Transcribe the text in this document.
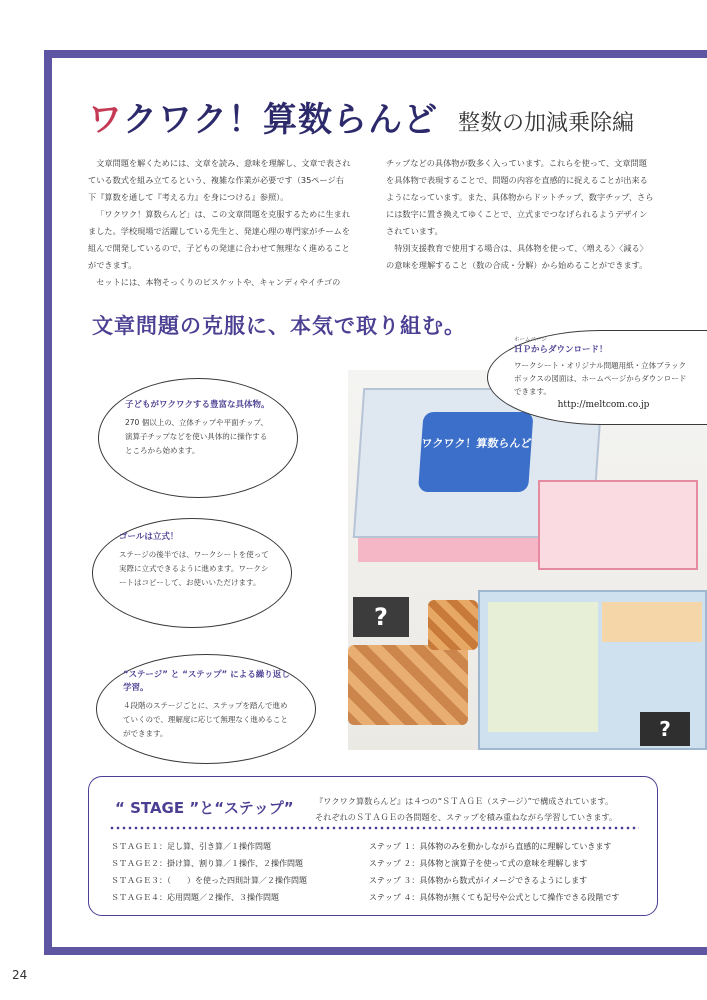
ワクワク！算数らんど 整数の加減乗除編

文章問題を解くためには、文章を読み、意味を理解し、文章で表されている数式を組み立てるという、複雑な作業が必要です（35ページ右下『算数を通して『考える力』を身につける』参照）。

「ワクワク！算数らんど」は、この文章問題を克服するために生まれました。学校現場で活躍している先生と、発達心理の専門家がチームを組んで開発しているので、子どもの発達に合わせて無理なく進めることができます。

セットには、本物そっくりのビスケットや、キャンディやイチゴの

チップなどの具体物が数多く入っています。これらを使って、文章問題を具体物で表現することで、問題の内容を直感的に捉えることが出来るようになっています。また、具体物からドットチップ、数字チップ、さらには数字に置き換えてゆくことで、立式までつなげられるようデザインされています。

特別支援教育で使用する場合は、具体物を使って、〈増える〉〈減る〉の意味を理解すること（数の合成・分解）から始めることができます。

文章問題の克服に、本気で取り組む。
ワクワク！算数らんど
?
?
ホームページ
ＨＰからダウンロード！
ワークシート・オリジナル問題用紙・立体ブラックボックスの図面は、ホームページからダウンロードできます。
http://meltcom.co.jp
子どもがワクワクする豊富な具体物。
270 個以上の、立体チップや平面チップ、演算子チップなどを使い具体的に操作するところから始めます。
ゴールは立式！
ステージの後半では、ワークシートを使って実際に立式できるように進めます。ワークシートはコピーして、お使いいただけます。
“ステージ” と “ステップ” による繰り返し学習。
４段階のステージごとに、ステップを踏んで進めていくので、理解度に応じて無理なく進めることができます。
“ STAGE ”と“ステップ”	『ワクワク算数らんど』は４つの“ＳＴＡＧＥ（ステージ）”で構成されています。
それぞれのＳＴＡＧＥの各問題を、ステップを積み重ねながら学習していきます。
ＳＴＡＧＥ１：足し算、引き算／１操作問題
ＳＴＡＧＥ２：掛け算、割り算／１操作、２操作問題
ＳＴＡＧＥ３：（　　）を使った四則計算／２操作問題
ＳＴＡＧＥ４：応用問題／２操作、３操作問題
ステップ １：具体物のみを動かしながら直感的に理解していきます
ステップ ２：具体物と演算子を使って式の意味を理解します
ステップ ３：具体物から数式がイメージできるようにします
ステップ ４：具体物が無くても記号や公式として操作できる段階です
24
